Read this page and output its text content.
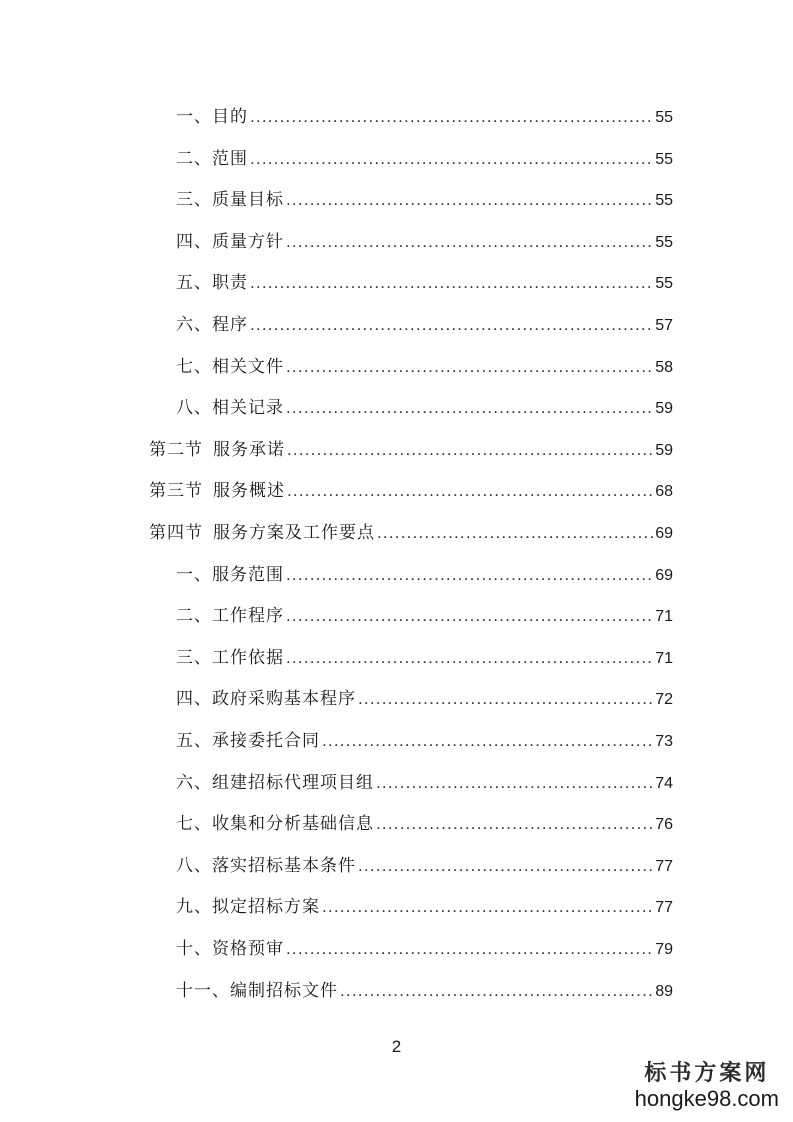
一、目的 .....	55
二、范围 .....	55
三、质量目标 .....	55
四、质量方针 .....	55
五、职责 .....	55
六、程序 .....	57
七、相关文件 .....	58
八、相关记录 .....	59
第二节 服务承诺 .....	59
第三节 服务概述 .....	68
第四节 服务方案及工作要点 .....	69
一、服务范围 .....	69
二、工作程序 .....	71
三、工作依据 .....	71
四、政府采购基本程序 .....	72
五、承接委托合同 .....	73
六、组建招标代理项目组 .....	74
七、收集和分析基础信息 .....	76
八、落实招标基本条件 .....	77
九、拟定招标方案 .....	77
十、资格预审 .....	79
十一、编制招标文件 .....	89
2
标书方案网
hongke98.com
